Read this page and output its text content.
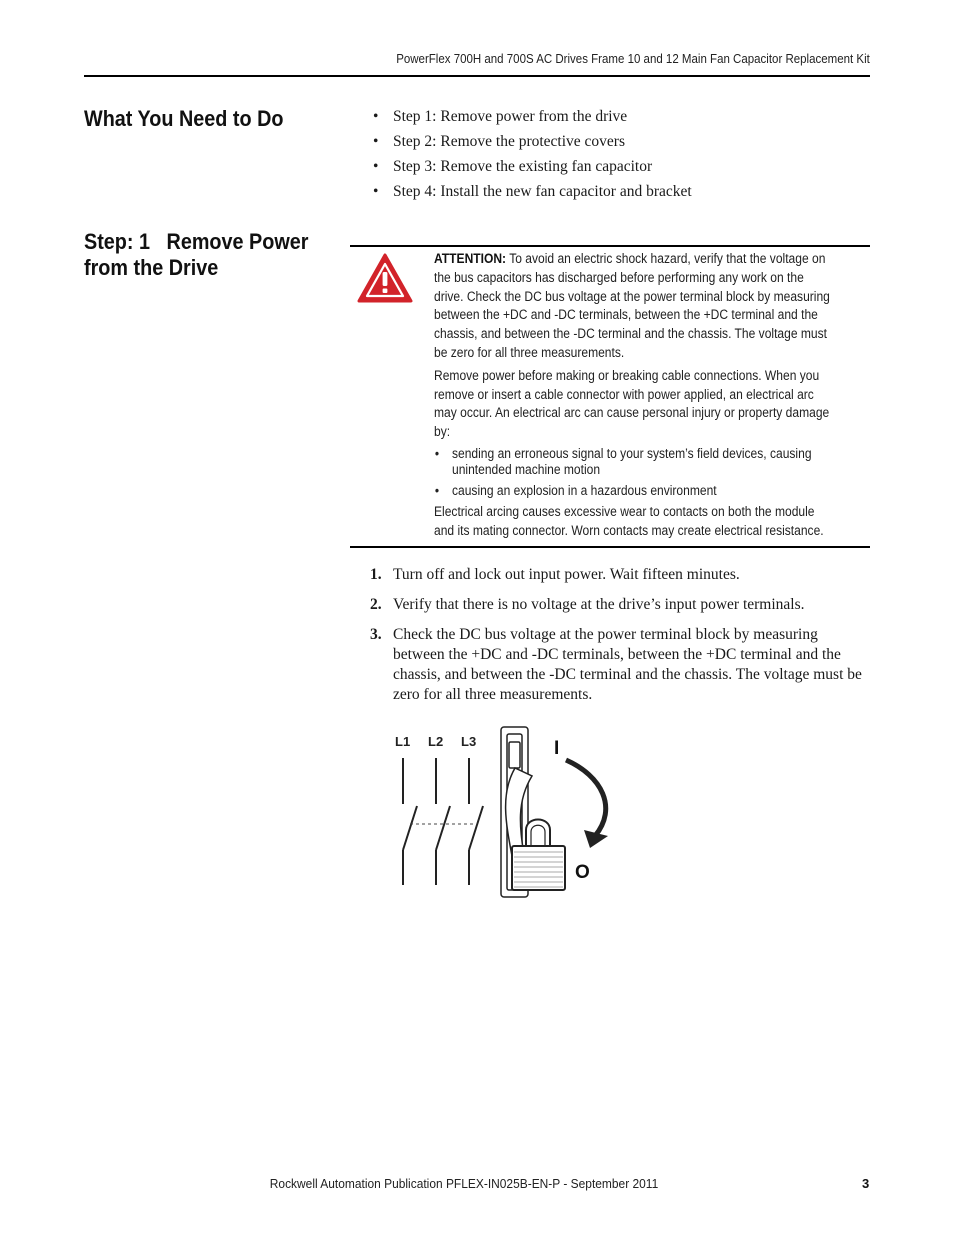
PowerFlex 700H and 700S AC Drives Frame 10 and 12 Main Fan Capacitor Replacement Kit
What You Need to Do
•	Step 1: Remove power from the drive
• Step 2: Remove the protective covers
• Step 3: Remove the existing fan capacitor
• Step 4: Install the new fan capacitor and bracket
Step: 1   Remove Power
from the Drive	ATTENTION: To avoid an electric shock hazard, verify that the voltage on

the bus capacitors has discharged before performing any work on the

drive. Check the DC bus voltage at the power terminal block by measuring

between the +DC and -DC terminals, between the +DC terminal and the

chassis, and between the -DC terminal and the chassis. The voltage must

be zero for all three measurements.

Remove power before making or breaking cable connections. When you

remove or insert a cable connector with power applied, an electrical arc

may occur. An electrical arc can cause personal injury or property damage

by:

• sending an erroneous signal to your system’s field devices, causing
unintended machine motion
• causing an explosion in a hazardous environment

Electrical arcing causes excessive wear to contacts on both the module

and its mating connector. Worn contacts may create electrical resistance.

1. Turn off and lock out input power. Wait fifteen minutes.
2. Verify that there is no voltage at the drive’s input power terminals.
3. Check the DC bus voltage at the power terminal block by measuring between the +DC and -DC terminals, between the +DC terminal and the chassis, and between the -DC terminal and the chassis. The voltage must be zero for all three measurements.
L1 L2 L3	I
O
Rockwell Automation Publication PFLEX-IN025B-EN-P - September 2011	3
